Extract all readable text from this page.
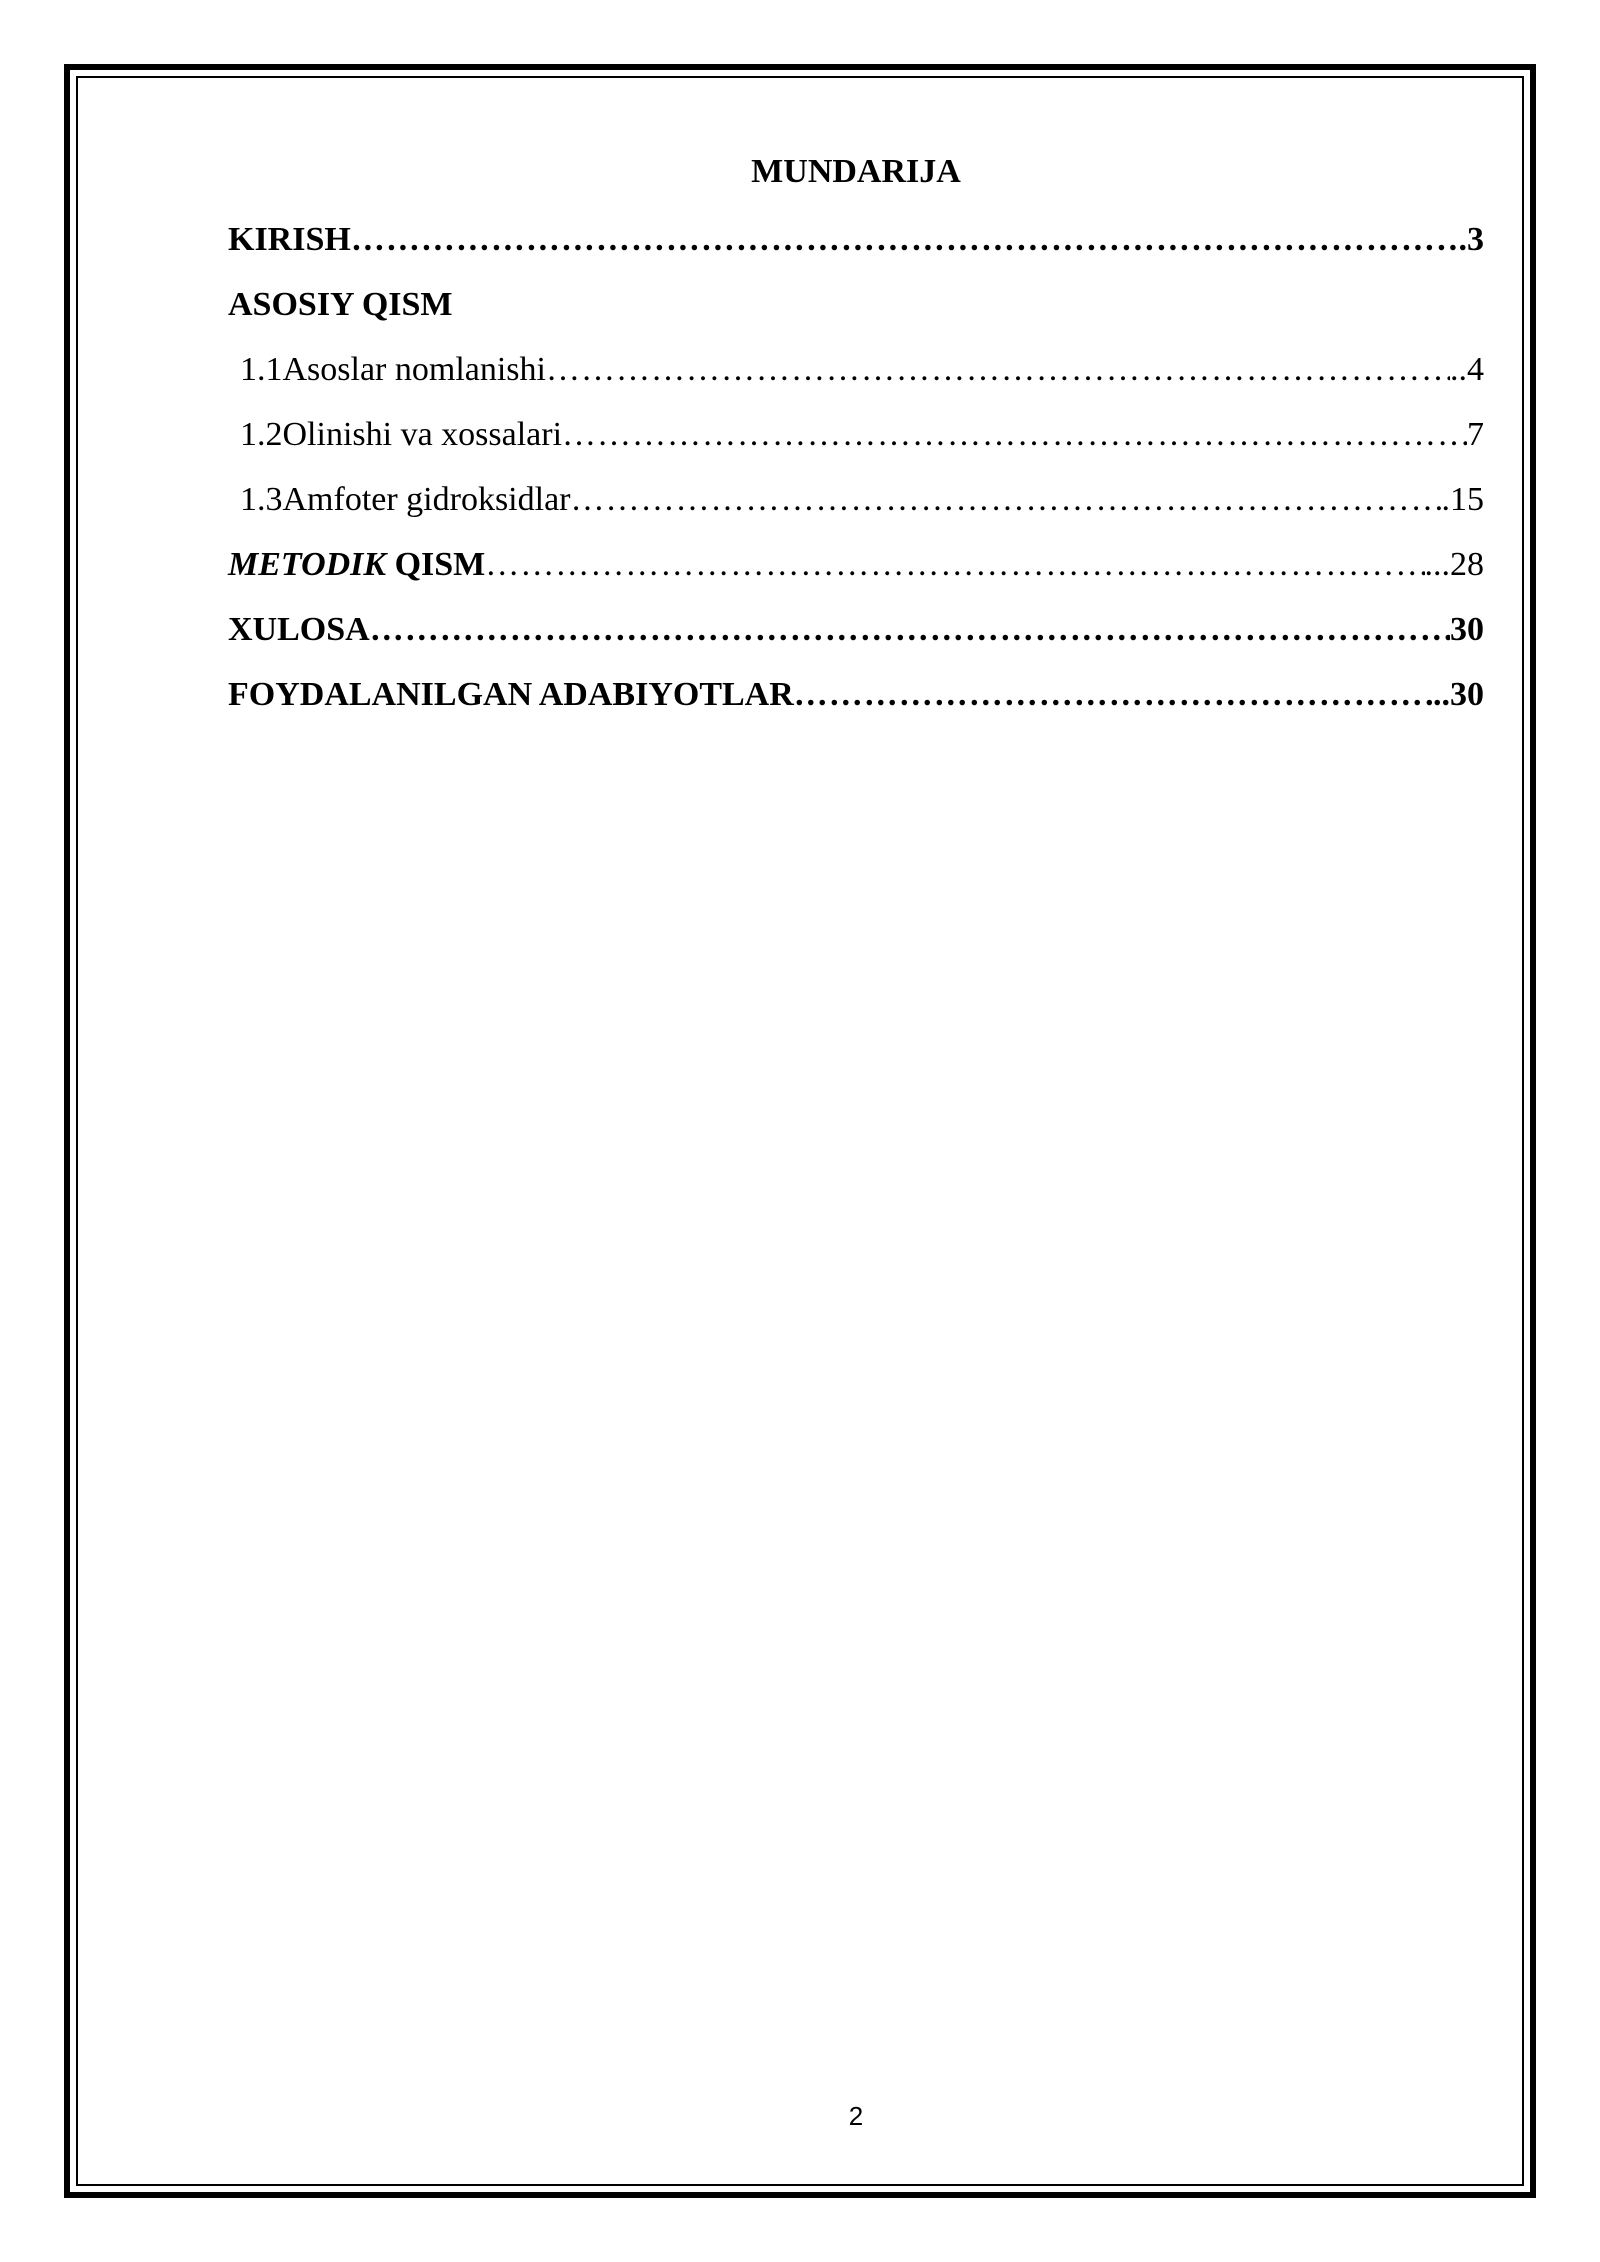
MUNDARIJA
KIRISH ……………………………………………………………………………………………………………………………………………………………	.3
ASOSIY QISM
1.1 Asoslar nomlanishi ……………………………………………………………………………………………………………………………………………………………	..4
1.2 Olinishi va xossalari ……………………………………………………………………………………………………………………………………………………………	7
1.3 Amfoter gidroksidlar ……………………………………………………………………………………………………………………………………………………………	.15
METODIK QISM ……………………………………………………………………………………………………………………………………………………………	...28
XULOSA ……………………………………………………………………………………………………………………………………………………………	30
FOYDALANILGAN ADABIYOTLAR ……………………………………………………………………………………………………………………………………………………………	..30
2
